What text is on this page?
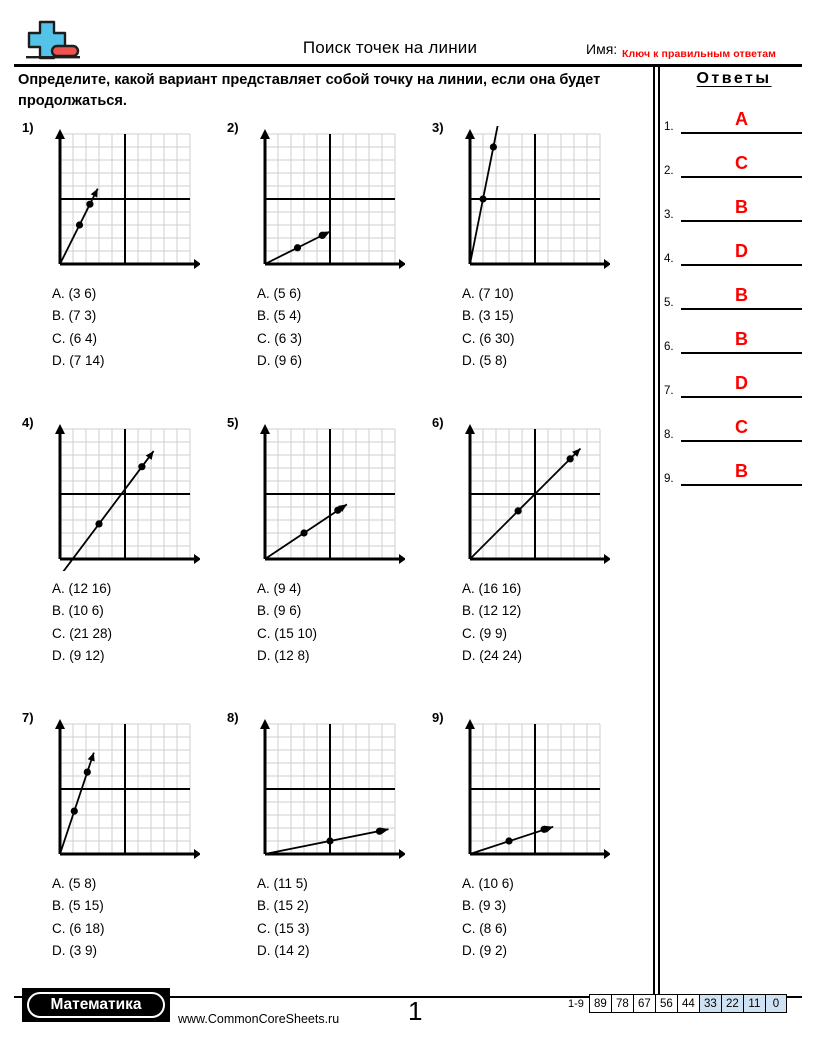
Поиск точек на линии	Имя: Ключ к правильным ответам
Определите, какой вариант представляет собой точку на линии, если она будет продолжаться.
Ответы
1.	A
2.	C
3.	B
4.	D
5.	B
6.	B
7.	D
8.	C
9.	B
1)
A. (3 6)
B. (7 3)
C. (6 4)
D. (7 14)
2)
A. (5 6)
B. (5 4)
C. (6 3)
D. (9 6)
3)
A. (7 10)
B. (3 15)
C. (6 30)
D. (5 8)
4)
A. (12 16)
B. (10 6)
C. (21 28)
D. (9 12)
5)
A. (9 4)
B. (9 6)
C. (15 10)
D. (12 8)
6)
A. (16 16)
B. (12 12)
C. (9 9)
D. (24 24)
7)
A. (5 8)
B. (5 15)
C. (6 18)
D. (3 9)
8)
A. (11 5)
B. (15 2)
C. (15 3)
D. (14 2)
9)
A. (10 6)
B. (9 3)
C. (8 6)
D. (9 2)
Математика
www.CommonCoreSheets.ru	1	1-9 89 78 67 56 44 33 22 11	0
